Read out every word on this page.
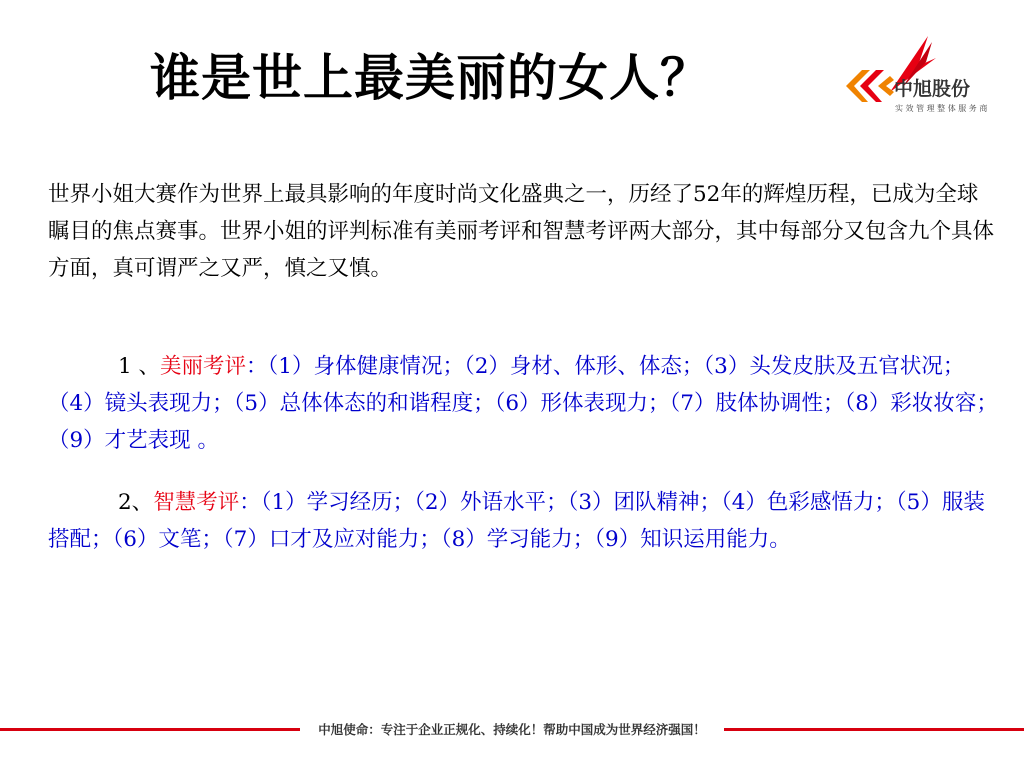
谁是世上最美丽的女人？	中旭股份
实 效 管 理 整 体 服 务 商

世界小姐大赛作为世界上最具影响的年度时尚文化盛典之一，历经了52年的辉煌历程，已成为全球瞩目的焦点赛事。世界小姐的评判标准有美丽考评和智慧考评两大部分，其中每部分又包含九个具体方面，真可谓严之又严，慎之又慎。

1 、美丽考评：（1）身体健康情况；（2）身材、体形、体态；（3）头发皮肤及五官状况；（4）镜头表现力；（5）总体体态的和谐程度；（6）形体表现力；（7）肢体协调性；（8）彩妆妆容；（9）才艺表现 。

2、智慧考评：（1）学习经历；（2）外语水平；（3）团队精神；（4）色彩感悟力；（5）服装搭配；（6）文笔；（7）口才及应对能力；（8）学习能力；（9）知识运用能力。

中旭使命：专注于企业正规化、持续化！帮助中国成为世界经济强国！
